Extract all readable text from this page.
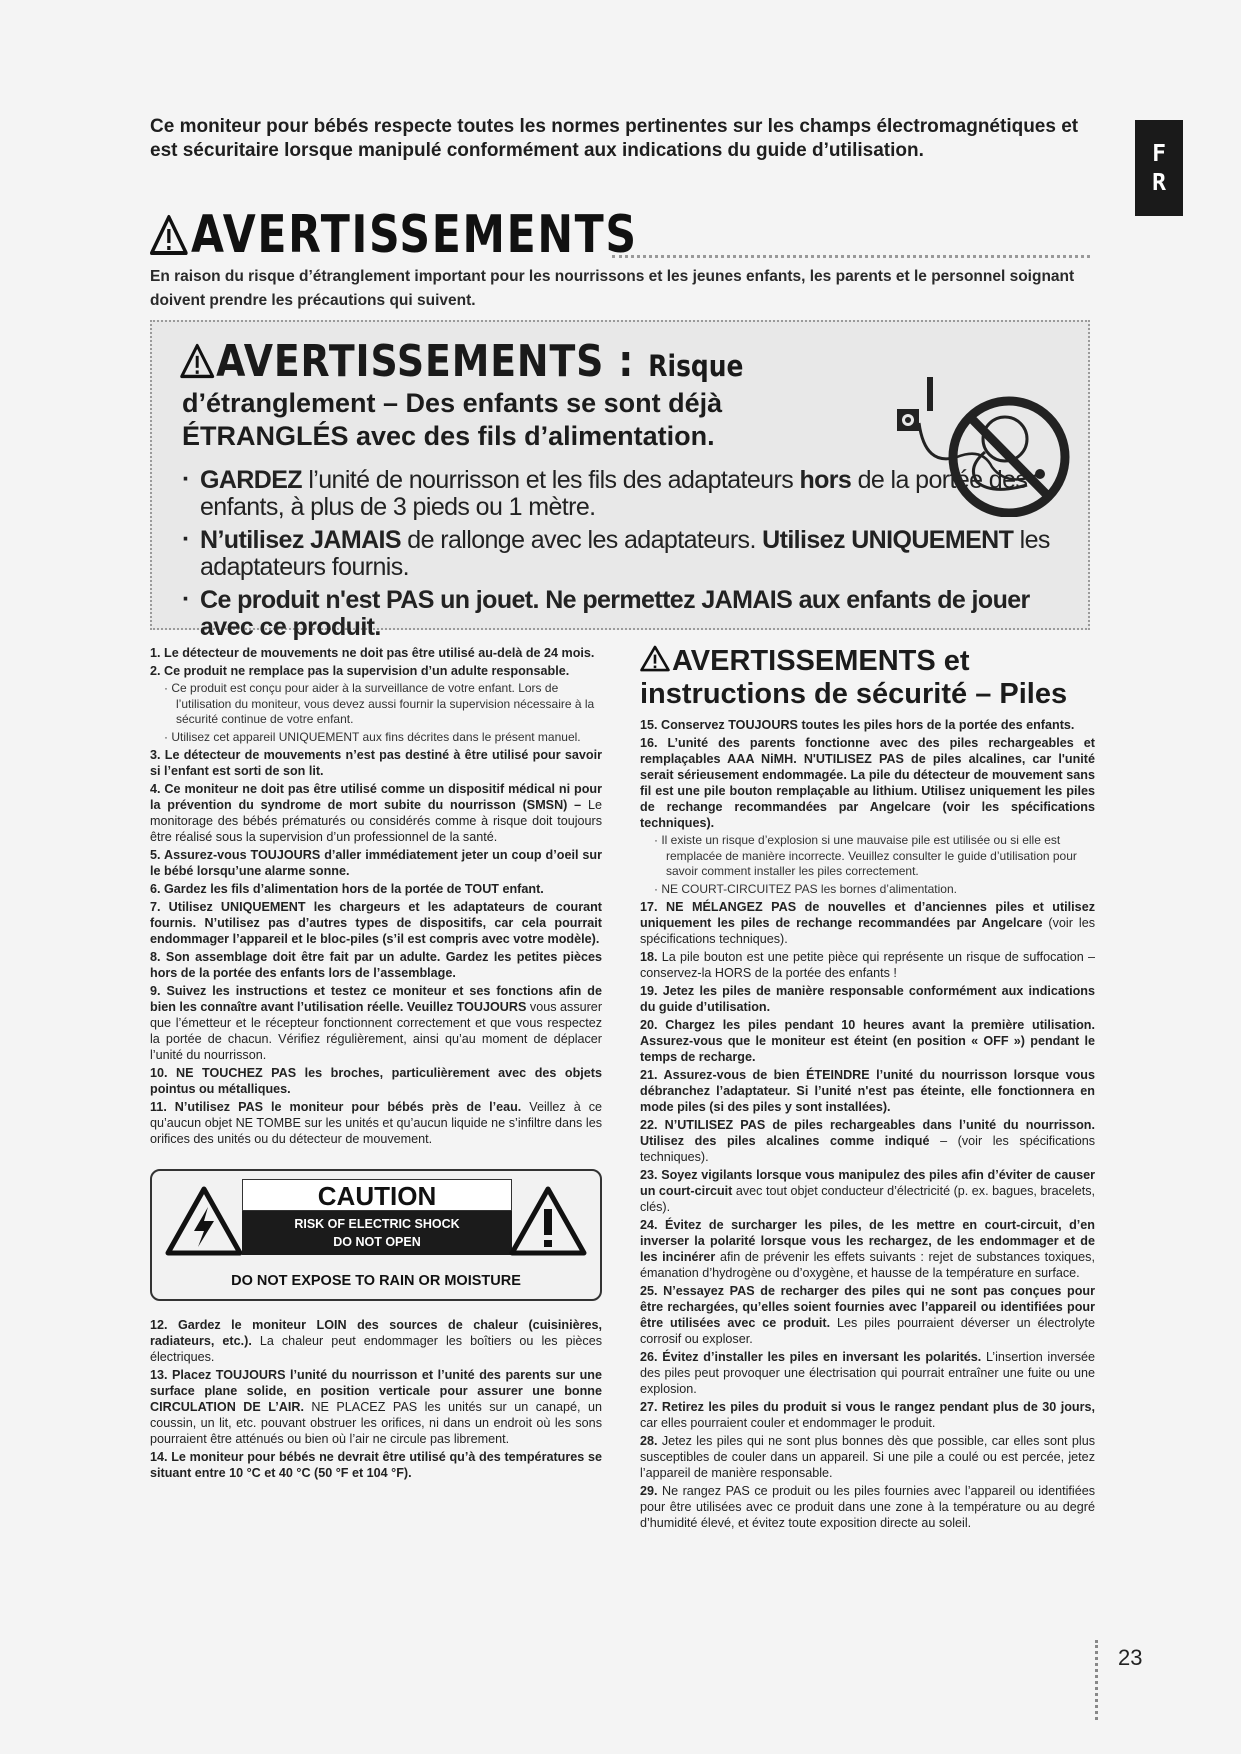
Ce moniteur pour bébés respecte toutes les normes pertinentes sur les champs électromagnétiques et est sécuritaire lorsque manipulé conformément aux indications du guide d’utilisation.	F
R
AVERTISSEMENTS
En raison du risque d’étranglement important pour les nourrissons et les jeunes enfants, les parents et le personnel soignant doivent prendre les précautions qui suivent.
AVERTISSEMENTS : Risque
d’étranglement – Des enfants se sont déjà ÉTRANGLÉS avec des fils d’alimentation.
· GARDEZ l’unité de nourrisson et les fils des adaptateurs hors de la portée des enfants, à plus de 3 pieds ou 1 mètre.
· N’utilisez JAMAIS de rallonge avec les adaptateurs. Utilisez UNIQUEMENT les adaptateurs fournis.
· Ce produit n'est PAS un jouet. Ne permettez JAMAIS aux enfants de jouer avec ce produit.
1. Le détecteur de mouvements ne doit pas être utilisé au-delà de 24 mois.
2. Ce produit ne remplace pas la supervision d’un adulte responsable.
· Ce produit est conçu pour aider à la surveillance de votre enfant. Lors de l’utilisation du moniteur, vous devez aussi fournir la supervision nécessaire à la sécurité continue de votre enfant.
· Utilisez cet appareil UNIQUEMENT aux fins décrites dans le présent manuel.
3. Le détecteur de mouvements n’est pas destiné à être utilisé pour savoir si l’enfant est sorti de son lit.
4. Ce moniteur ne doit pas être utilisé comme un dispositif médical ni pour la prévention du syndrome de mort subite du nourrisson (SMSN) – Le monitorage des bébés prématurés ou considérés comme à risque doit toujours être réalisé sous la supervision d’un professionnel de la santé.
5. Assurez-vous TOUJOURS d’aller immédiatement jeter un coup d’oeil sur le bébé lorsqu’une alarme sonne.
6. Gardez les fils d’alimentation hors de la portée de TOUT enfant.
7. Utilisez UNIQUEMENT les chargeurs et les adaptateurs de courant fournis. N’utilisez pas d’autres types de dispositifs, car cela pourrait endommager l’appareil et le bloc-piles (s’il est compris avec votre modèle).
8. Son assemblage doit être fait par un adulte. Gardez les petites pièces hors de la portée des enfants lors de l’assemblage.
9. Suivez les instructions et testez ce moniteur et ses fonctions afin de bien les connaître avant l’utilisation réelle. Veuillez TOUJOURS vous assurer que l’émetteur et le récepteur fonctionnent correctement et que vous respectez la portée de chacun. Vérifiez régulièrement, ainsi qu’au moment de déplacer l’unité du nourrisson.
10. NE TOUCHEZ PAS les broches, particulièrement avec des objets pointus ou métalliques.
11. N’utilisez PAS le moniteur pour bébés près de l’eau. Veillez à ce qu’aucun objet NE TOMBE sur les unités et qu’aucun liquide ne s’infiltre dans les orifices des unités ou du détecteur de mouvement.
CAUTION
RISK OF ELECTRIC SHOCK
DO NOT OPEN
DO NOT EXPOSE TO RAIN OR MOISTURE
12. Gardez le moniteur LOIN des sources de chaleur (cuisinières, radiateurs, etc.). La chaleur peut endommager les boîtiers ou les pièces électriques.
13. Placez TOUJOURS l’unité du nourrisson et l’unité des parents sur une surface plane solide, en position verticale pour assurer une bonne CIRCULATION DE L’AIR. NE PLACEZ PAS les unités sur un canapé, un coussin, un lit, etc. pouvant obstruer les orifices, ni dans un endroit où les sons pourraient être atténués ou bien où l’air ne circule pas librement.
14. Le moniteur pour bébés ne devrait être utilisé qu’à des températures se situant entre 10 °C et 40 °C (50 °F et 104 °F).
AVERTISSEMENTS et
instructions de sécurité – Piles
15. Conservez TOUJOURS toutes les piles hors de la portée des enfants.
16. L’unité des parents fonctionne avec des piles rechargeables et remplaçables AAA NiMH. N'UTILISEZ PAS de piles alcalines, car l'unité serait sérieusement endommagée. La pile du détecteur de mouvement sans fil est une pile bouton remplaçable au lithium. Utilisez uniquement les piles de rechange recommandées par Angelcare (voir les spécifications techniques).
· Il existe un risque d’explosion si une mauvaise pile est utilisée ou si elle est remplacée de manière incorrecte. Veuillez consulter le guide d’utilisation pour savoir comment installer les piles correctement.
· NE COURT-CIRCUITEZ PAS les bornes d’alimentation.
17. NE MÉLANGEZ PAS de nouvelles et d’anciennes piles et utilisez uniquement les piles de rechange recommandées par Angelcare (voir les spécifications techniques).
18. La pile bouton est une petite pièce qui représente un risque de suffocation – conservez-la HORS de la portée des enfants !
19. Jetez les piles de manière responsable conformément aux indications du guide d’utilisation.
20. Chargez les piles pendant 10 heures avant la première utilisation. Assurez-vous que le moniteur est éteint (en position « OFF ») pendant le temps de recharge.
21. Assurez-vous de bien ÉTEINDRE l’unité du nourrisson lorsque vous débranchez l’adaptateur. Si l’unité n'est pas éteinte, elle fonctionnera en mode piles (si des piles y sont installées).
22. N’UTILISEZ PAS de piles rechargeables dans l’unité du nourrisson. Utilisez des piles alcalines comme indiqué – (voir les spécifications techniques).
23. Soyez vigilants lorsque vous manipulez des piles afin d’éviter de causer un court-circuit avec tout objet conducteur d’électricité (p. ex. bagues, bracelets, clés).
24. Évitez de surcharger les piles, de les mettre en court-circuit, d’en inverser la polarité lorsque vous les rechargez, de les endommager et de les incinérer afin de prévenir les effets suivants : rejet de substances toxiques, émanation d’hydrogène ou d’oxygène, et hausse de la température en surface.
25. N’essayez PAS de recharger des piles qui ne sont pas conçues pour être rechargées, qu’elles soient fournies avec l’appareil ou identifiées pour être utilisées avec ce produit. Les piles pourraient déverser un électrolyte corrosif ou exploser.
26. Évitez d’installer les piles en inversant les polarités. L’insertion inversée des piles peut provoquer une électrisation qui pourrait entraîner une fuite ou une explosion.
27. Retirez les piles du produit si vous le rangez pendant plus de 30 jours, car elles pourraient couler et endommager le produit.
28. Jetez les piles qui ne sont plus bonnes dès que possible, car elles sont plus susceptibles de couler dans un appareil. Si une pile a coulé ou est percée, jetez l’appareil de manière responsable.
29. Ne rangez PAS ce produit ou les piles fournies avec l’appareil ou identifiées pour être utilisées avec ce produit dans une zone à la température ou au degré d’humidité élevé, et évitez toute exposition directe au soleil.
23
